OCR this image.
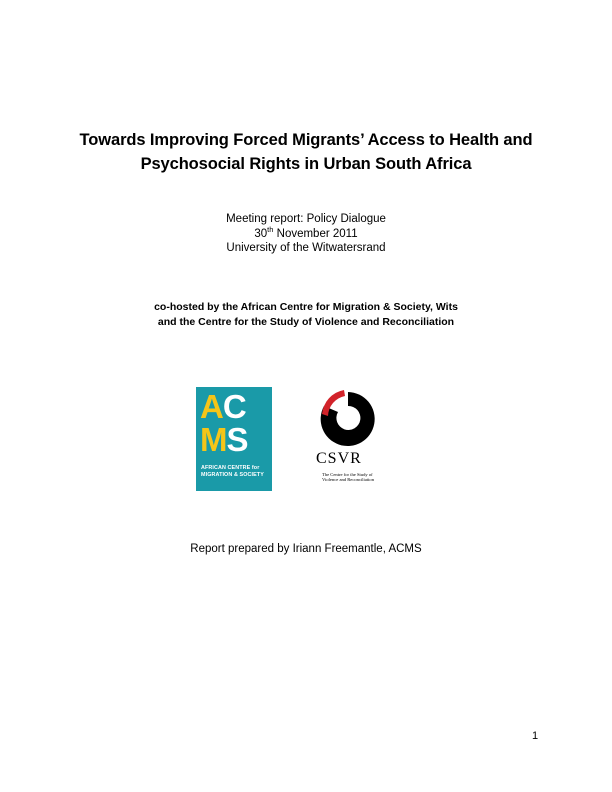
Towards Improving Forced Migrants’ Access to Health and
Psychosocial Rights in Urban South Africa
Meeting report: Policy Dialogue
30th November 2011
University of the Witwatersrand
co-hosted by the African Centre for Migration & Society, Wits
and the Centre for the Study of Violence and Reconciliation
AC
MS
AFRICAN CENTRE for
MIGRATION & SOCIETY
CSVR
The Centre for the Study of
Violence and Reconciliation
Report prepared by Iriann Freemantle, ACMS
1
